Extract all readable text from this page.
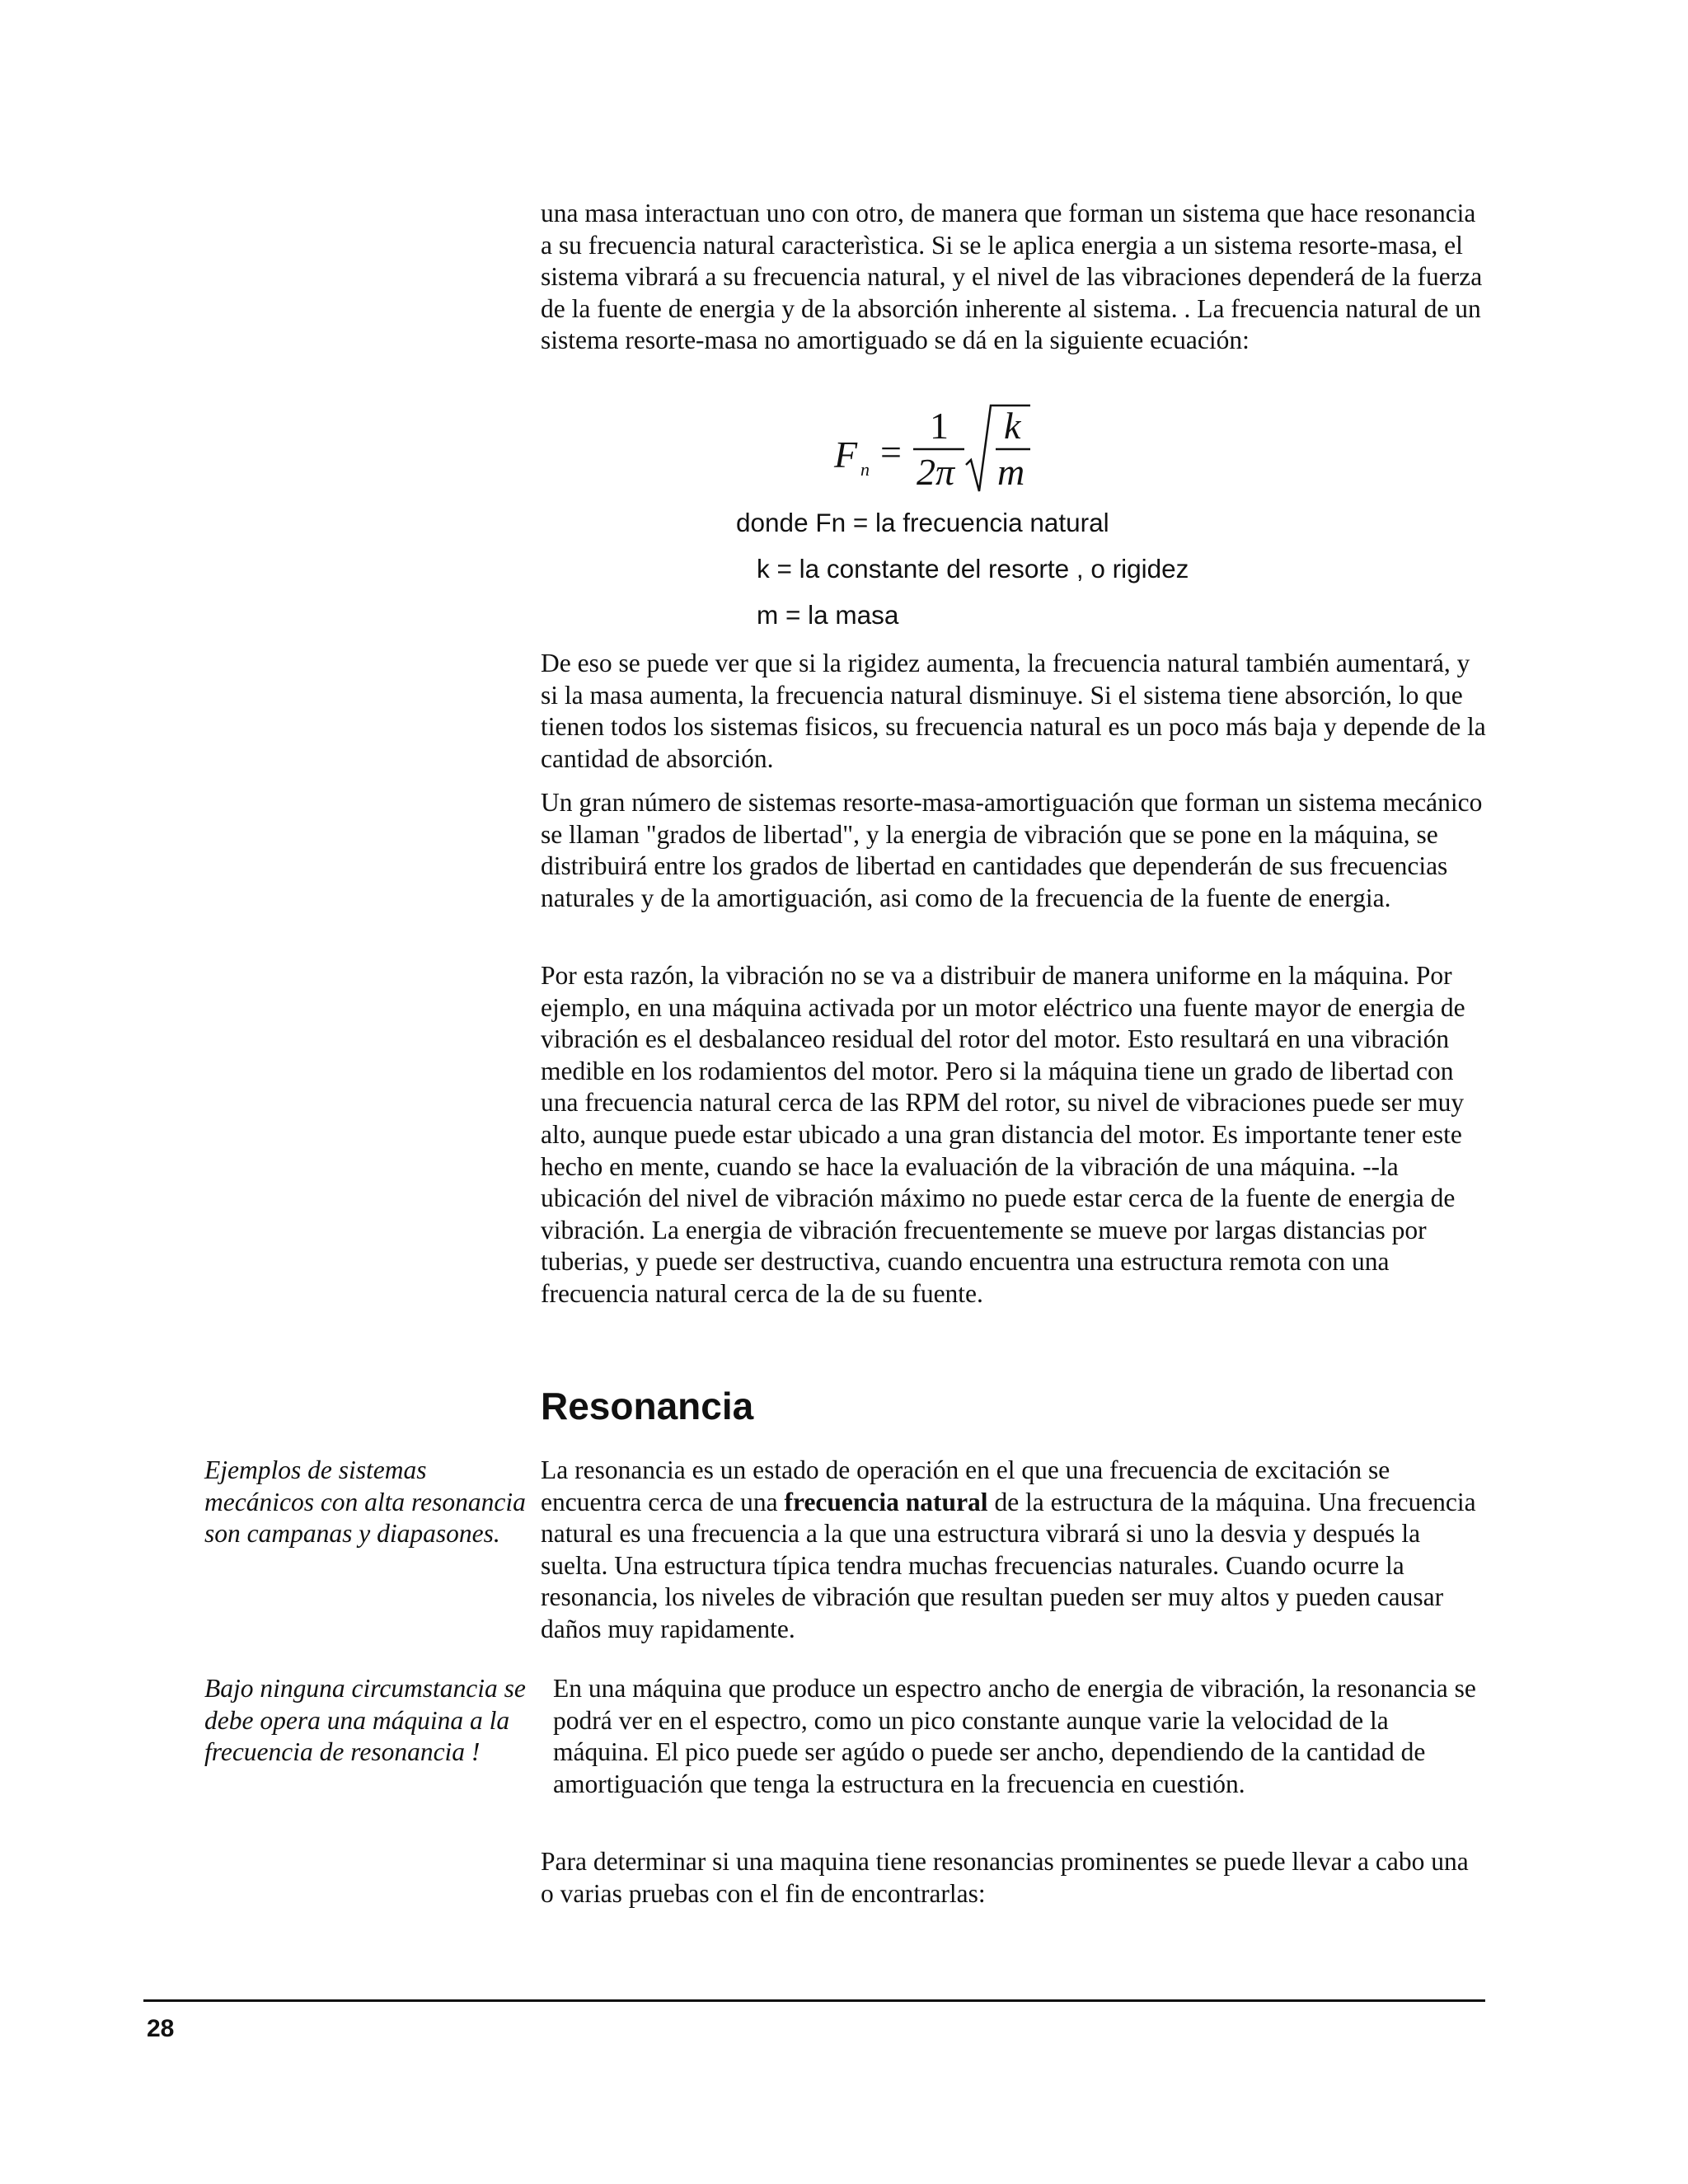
una masa interactuan uno con otro, de manera que forman un sistema que hace resonancia a su frecuencia natural caracterìstica. Si se le aplica energia a un sistema resorte-masa, el sistema vibrará a su frecuencia natural, y el nivel de las vibraciones dependerá de la fuerza de la fuente de energia y de la absorción inherente al sistema. . La frecuencia natural de un sistema resorte-masa no amortiguado se dá en la siguiente ecuación:

F n =
1
2π
k
m

donde Fn = la frecuencia natural

k = la constante del resorte , o rigidez

m = la masa

De eso se puede ver que si la rigidez aumenta, la frecuencia natural también aumentará, y si la masa aumenta, la frecuencia natural disminuye. Si el sistema tiene absorción, lo que tienen todos los sistemas fisicos, su frecuencia natural es un poco más baja y depende de la cantidad de absorción.

Un gran número de sistemas resorte-masa-amortiguación que forman un sistema mecánico se llaman "grados de libertad", y la energia de vibración que se pone en la máquina, se distribuirá entre los grados de libertad en cantidades que dependerán de sus frecuencias naturales y de la amortiguación, asi como de la frecuencia de la fuente de energia.

Por esta razón, la vibración no se va a distribuir de manera uniforme en la máquina. Por ejemplo, en una máquina activada por un motor eléctrico una fuente mayor de energia de vibración es el desbalanceo residual del rotor del motor. Esto resultará en una vibración medible en los rodamientos del motor. Pero si la máquina tiene un grado de libertad con una frecuencia natural cerca de las RPM del rotor, su nivel de vibraciones puede ser muy alto, aunque puede estar ubicado a una gran distancia del motor. Es importante tener este hecho en mente, cuando se hace la evaluación de la vibración de una máquina. --la ubicación del nivel de vibración máximo no puede estar cerca de la fuente de energia de vibración. La energia de vibración frecuentemente se mueve por largas distancias por tuberias, y puede ser destructiva, cuando encuentra una estructura remota con una frecuencia natural cerca de la de su fuente.

Resonancia

Ejemplos de sistemas mecánicos con alta resonancia son campanas y diapasones.

Bajo ninguna circumstancia se debe opera una máquina a la frecuencia de resonancia !

La resonancia es un estado de operación en el que una frecuencia de excitación se encuentra cerca de una frecuencia natural de la estructura de la máquina. Una frecuencia natural es una frecuencia a la que una estructura vibrará si uno la desvia y después la suelta. Una estructura típica tendra muchas frecuencias naturales. Cuando ocurre la resonancia, los niveles de vibración que resultan pueden ser muy altos y pueden causar daños muy rapidamente.

En una máquina que produce un espectro ancho de energia de vibración, la resonancia se podrá ver en el espectro, como un pico constante aunque varie la velocidad de la máquina. El pico puede ser agúdo o puede ser ancho, dependiendo de la cantidad de amortiguación que tenga la estructura en la frecuencia en cuestión.

Para determinar si una maquina tiene resonancias prominentes se puede llevar a cabo una o varias pruebas con el fin de encontrarlas:

28
